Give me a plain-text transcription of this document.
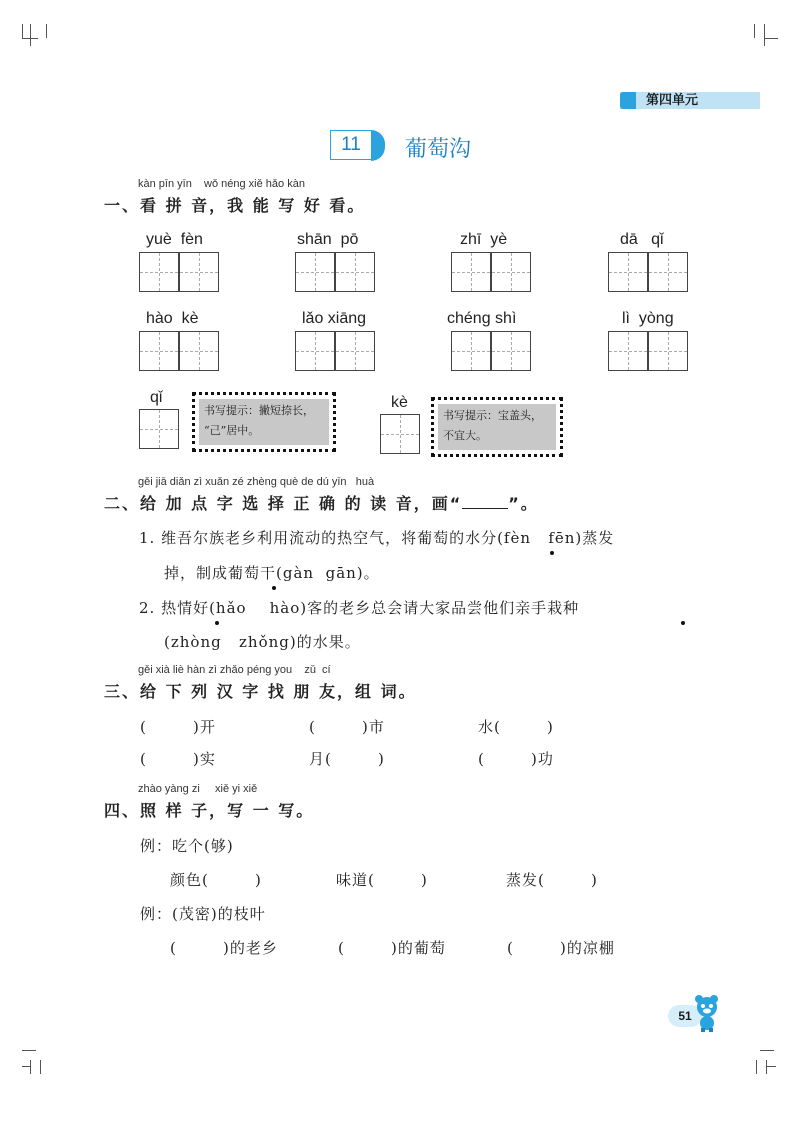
第四单元
11	葡萄沟
kàn pīn yīn    wǒ néng xiě hǎo kàn
一、看 拼 音，我 能 写 好 看。
yuè  fèn	shān  pō	zhī  yè	dā   qǐ
hào  kè	lǎo xiāng	chéng shì	lì  yòng
qǐ
书写提示：撇短捺长，
“己”居中。
kè
书写提示：宝盖头，
不宜大。
gěi jiā diǎn zì xuǎn zé zhèng què de dú yīn   huà
二、给 加 点 字 选 择 正 确 的 读 音，画“	”。
1. 维吾尔族老乡利用流动的热空气，将葡萄的水分(fèn   fēn)蒸发
掉，制成葡萄干(gàn  gān)。
2. 热情好(hǎo    hào)客的老乡总会请大家品尝他们亲手栽种
(zhòng   zhǒng)的水果。
gěi xià liè hàn zì zhǎo péng you    zǔ  cí
三、给 下 列 汉 字 找 朋 友，组 词。
(        )开	(        )市	水(        )
(        )实	月(        )	(        )功
zhào yàng zi     xiě yi xiě
四、照 样 子，写 一 写。
例：吃个(够)
颜色(        )	味道(        )	蒸发(        )
例：(茂密)的枝叶
(        )的老乡	(        )的葡萄	(        )的凉棚
51
